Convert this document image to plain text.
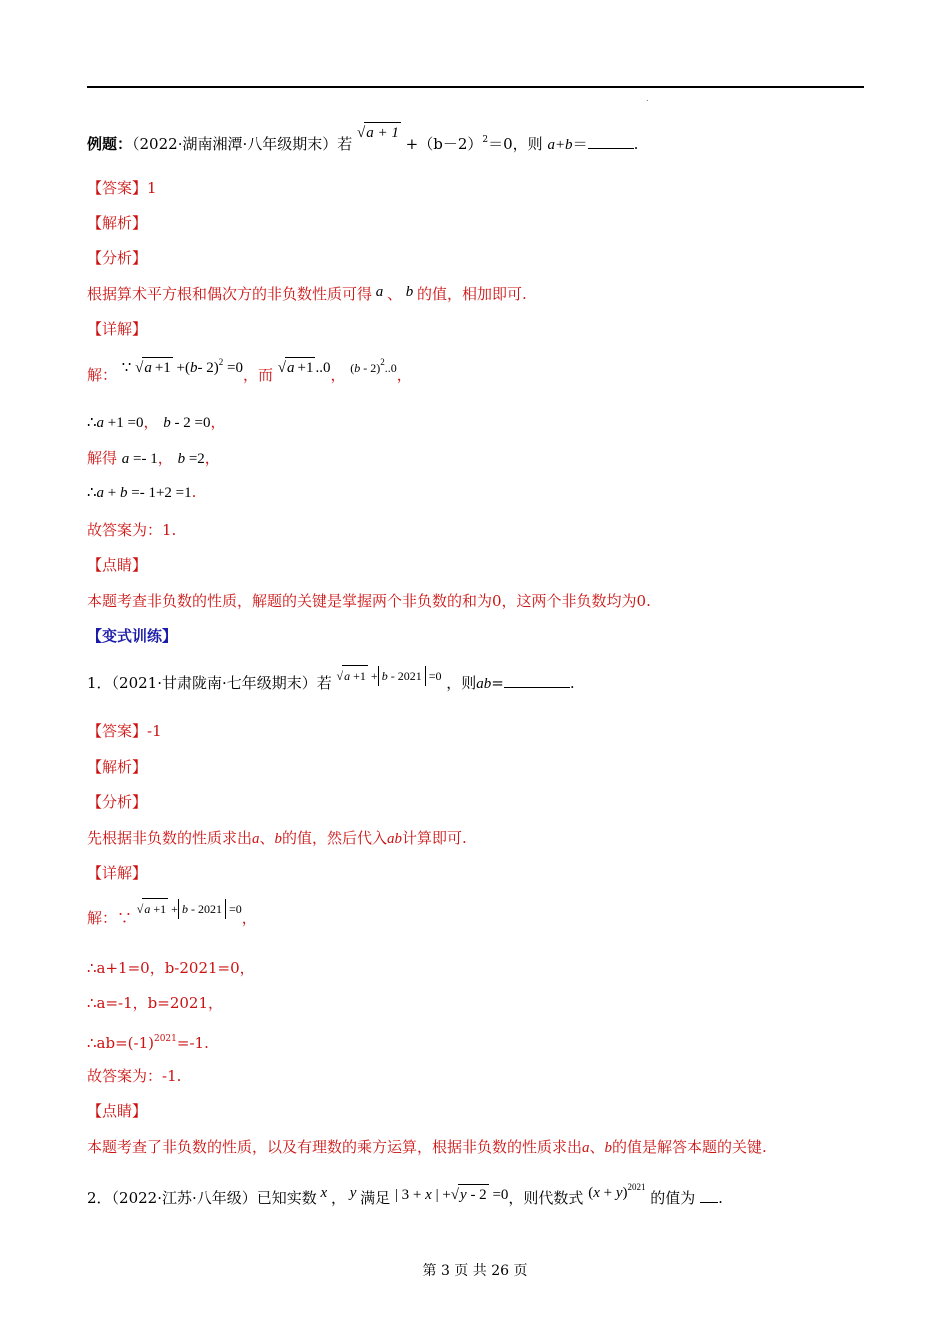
.
例题：（2022·湖南湘潭·八年级期末）若 $√a + 1 +(b-2)^2=0$，则 a+b＝	.
【答案】1
【解析】
【分析】
根据算术平方根和偶次方的非负数性质可得 a 、 b 的值，相加即可.
【详解】
解： ∵ √a +1 +(b- 2)$^2$ =0，而 √a +1 ..0， $^{(b - 2)^2..0}$，
∴a +1 =0， b - 2 =0，
解得 a =- 1， b =2，
∴a + b =- 1+2 =1.
故答案为：1.
【点睛】
本题考查非负数的性质，解题的关键是掌握两个非负数的和为0，这两个非负数均为0.
【变式训练】
1．（2021·甘肃陇南·七年级期末）若 $^{√a +1 + b - 2021 =0}$ ，则ab=	.
【答案】-1
【解析】
【分析】
先根据非负数的性质求出a、b的值，然后代入ab计算即可.
【详解】
解：∵ $^{√a +1 + b - 2021 =0}$，
∴a+1=0，b-2021=0，
∴a=-1，b=2021，
$\therefore ab=(-1)^{2021}=-1$.
故答案为：-1.
【点睛】
本题考查了非负数的性质，以及有理数的乘方运算，根据非负数的性质求出a、b的值是解答本题的关键.
2．（2022·江苏·八年级）已知实数 x ， y 满足 | 3 + x | +√y - 2 =0，则代数式 $(x + y)^{2021}$ 的值为 .
第 3 页 共 26 页
